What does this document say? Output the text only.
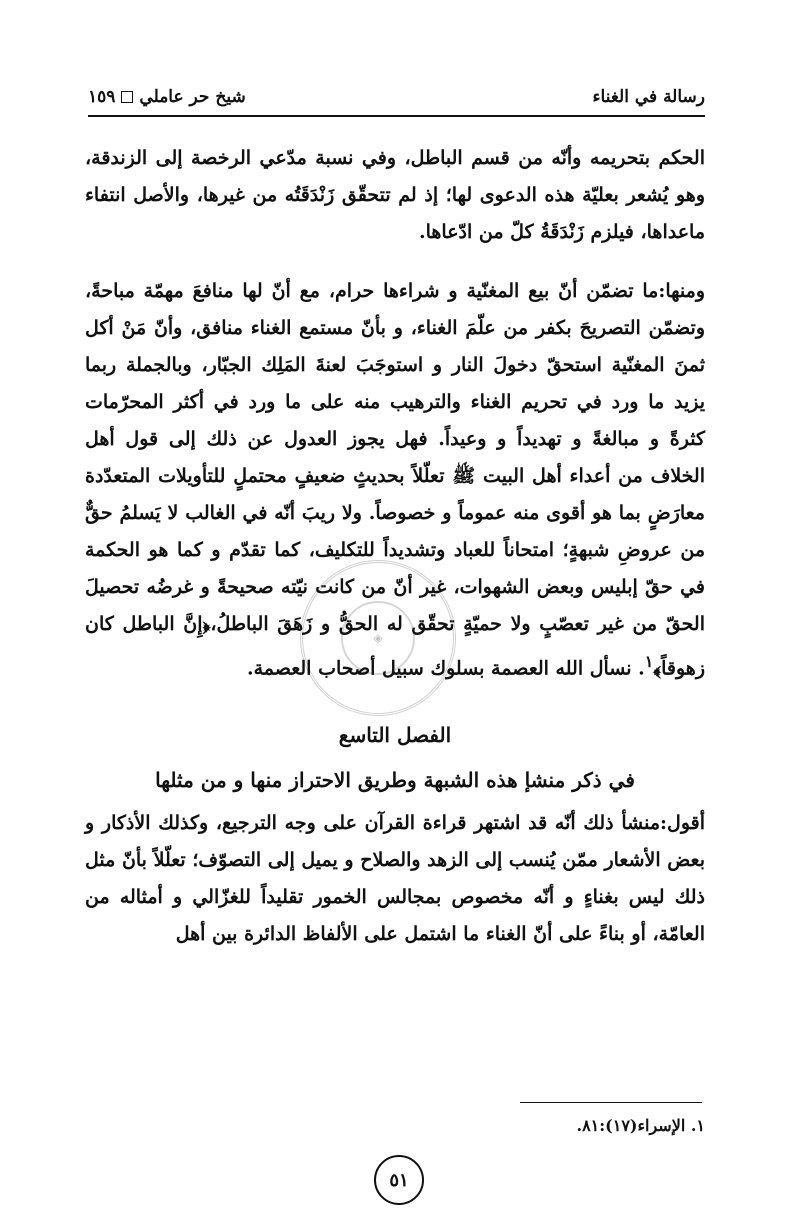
رسالة في الغناء
شيخ حر عاملي
١٥٩
◈

الحكم بتحريمه وأنّه من قسم الباطل، وفي نسبة مدّعي الرخصة إلى الزندقة، وهو يُشعر بعليّة هذه الدعوى لها؛ إذ لم تتحقّق زَنْدَقَتُه من غيرها، والأصل انتفاء ماعداها، فيلزم زَنْدَقَةُ كلّ من ادّعاها.

ومنها:ما تضمّن أنّ بيع المغنّية و شراءها حرام، مع أنّ لها منافعَ مهمّة مباحةً، وتضمّن التصريحَ بكفر من علّمَ الغناء، و بأنّ مستمع الغناء منافق، وأنّ مَنْ أكل ثمنَ المغنّية استحقّ دخولَ النار و استوجَبَ لعنةَ المَلِك الجبّار، وبالجملة ربما يزيد ما ورد في تحريم الغناء والترهيب منه على ما ورد في أكثر المحرّمات كثرةً و مبالغةً و تهديداً و وعيداً. فهل يجوز العدول عن ذلك إلى قول أهل الخلاف من أعداء أهل البيت ﷺ تعلّلاً بحديثٍ ضعيفٍ محتملٍ للتأويلات المتعدّدة معارَضٍ بما هو أقوى منه عموماً و خصوصاً. ولا ريبَ أنّه في الغالب لا يَسلمُ حقٌّ من عروضِ شبهةٍ؛ امتحاناً للعباد وتشديداً للتكليف، كما تقدّم و كما هو الحكمة في حقّ إبليس وبعض الشهوات، غير أنّ من كانت نيّته صحيحةً و غرضُه تحصيلَ الحقّ من غير تعصّبٍ ولا حميّةٍ تحقّق له الحقُّ و زَهَقَ الباطلُ،﴿إِنَّ الباطل كان زهوقاً﴾$^١$. نسأل الله العصمة بسلوك سبيل أصحاب العصمة.

الفصل التاسع
في ذكر منشإ هذه الشبهة وطريق الاحتراز منها و من مثلها

أقول:منشأ ذلك أنّه قد اشتهر قراءة القرآن على وجه الترجيع، وكذلك الأذكار و بعض الأشعار ممّن يُنسب إلى الزهد والصلاح و يميل إلى التصوّف؛ تعلّلاً بأنّ مثل ذلك ليس بغناءٍ و أنّه مخصوص بمجالس الخمور تقليداً للغزّالي و أمثاله من العامّة، أو بناءً على أنّ الغناء ما اشتمل على الألفاظ الدائرة بين أهل

١. الإسراء(١٧):٨١.
٥١
